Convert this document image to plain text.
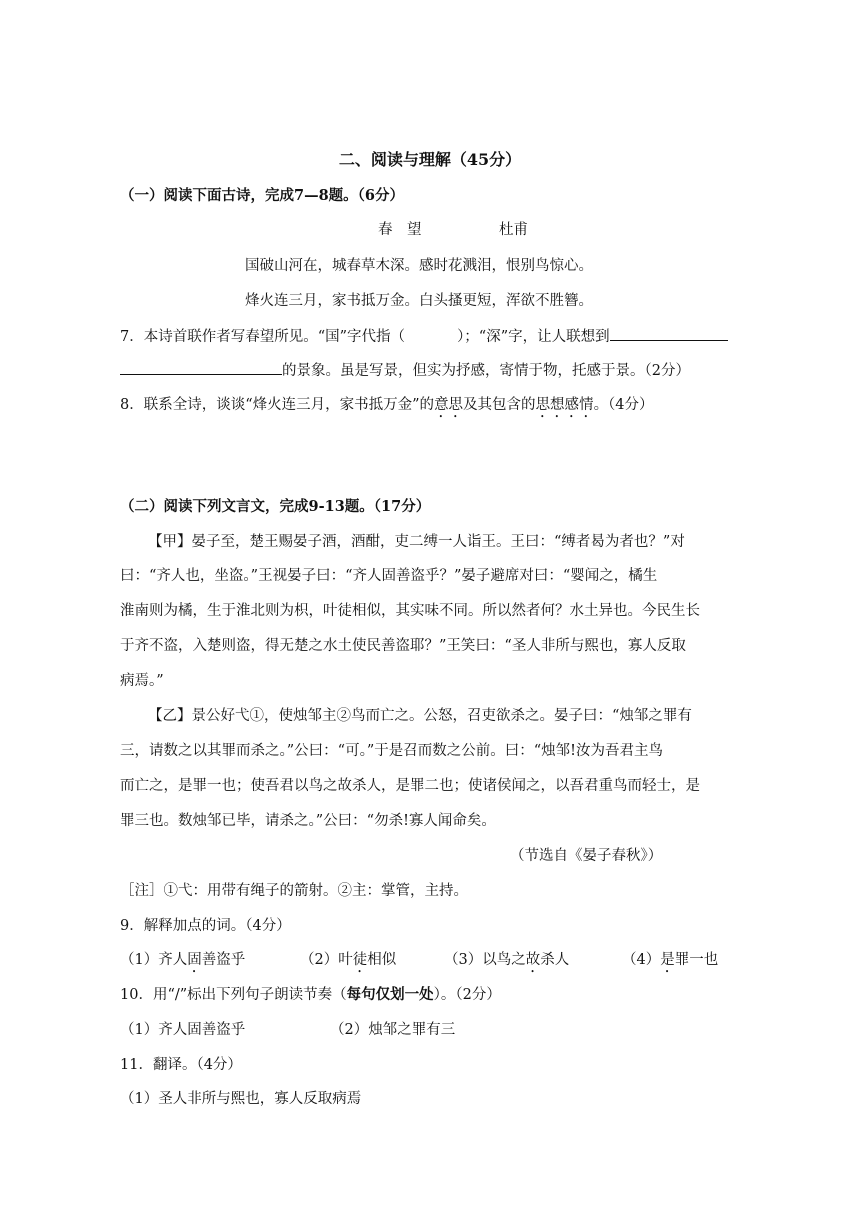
二、阅读与理解（45分）
（一）阅读下面古诗，完成7—8题。（6分）
春　望	杜甫
国破山河在，城春草木深。感时花溅泪，恨别鸟惊心。
烽火连三月，家书抵万金。白头搔更短，浑欲不胜簪。
7．本诗首联作者写春望所见。“国”字代指（	）；“深”字，让人联想到
的景象。虽是写景，但实为抒感，寄情于物，托感于景。（2分）
8．联系全诗，谈谈“烽火连三月，家书抵万金”的意思及其包含的思想感情。（4分）
（二）阅读下列文言文，完成9-13题。（17分）
【甲】晏子至，楚王赐晏子酒，酒酣，吏二缚一人诣王。王曰：“缚者曷为者也？”对
曰：“齐人也，坐盗。”王视晏子曰：“齐人固善盗乎？”晏子避席对曰：“婴闻之，橘生
淮南则为橘，生于淮北则为枳，叶徒相似，其实味不同。所以然者何？水土异也。今民生长
于齐不盗，入楚则盗，得无楚之水土使民善盗耶？”王笑曰：“圣人非所与熙也，寡人反取
病焉。”
【乙】景公好弋①，使烛邹主②鸟而亡之。公怒，召吏欲杀之。晏子曰：“烛邹之罪有
三，请数之以其罪而杀之。”公曰：“可。”于是召而数之公前。曰：“烛邹!汝为吾君主鸟
而亡之，是罪一也；使吾君以鸟之故杀人，是罪二也；使诸侯闻之，以吾君重鸟而轻士，是
罪三也。数烛邹已毕，请杀之。”公曰：“勿杀!寡人闻命矣。
（节选自《晏子春秋》）
［注］①弋：用带有绳子的箭射。②主：掌管，主持。
9．解释加点的词。（4分）
（1）齐人固善盗乎	（2）叶徒相似	（3）以鸟之故杀人	（4）是罪一也
10．用“/”标出下列句子朗读节奏（每句仅划一处）。（2分）
（1）齐人固善盗乎	（2）烛邹之罪有三
11．翻译。（4分）
（1）圣人非所与熙也，寡人反取病焉
